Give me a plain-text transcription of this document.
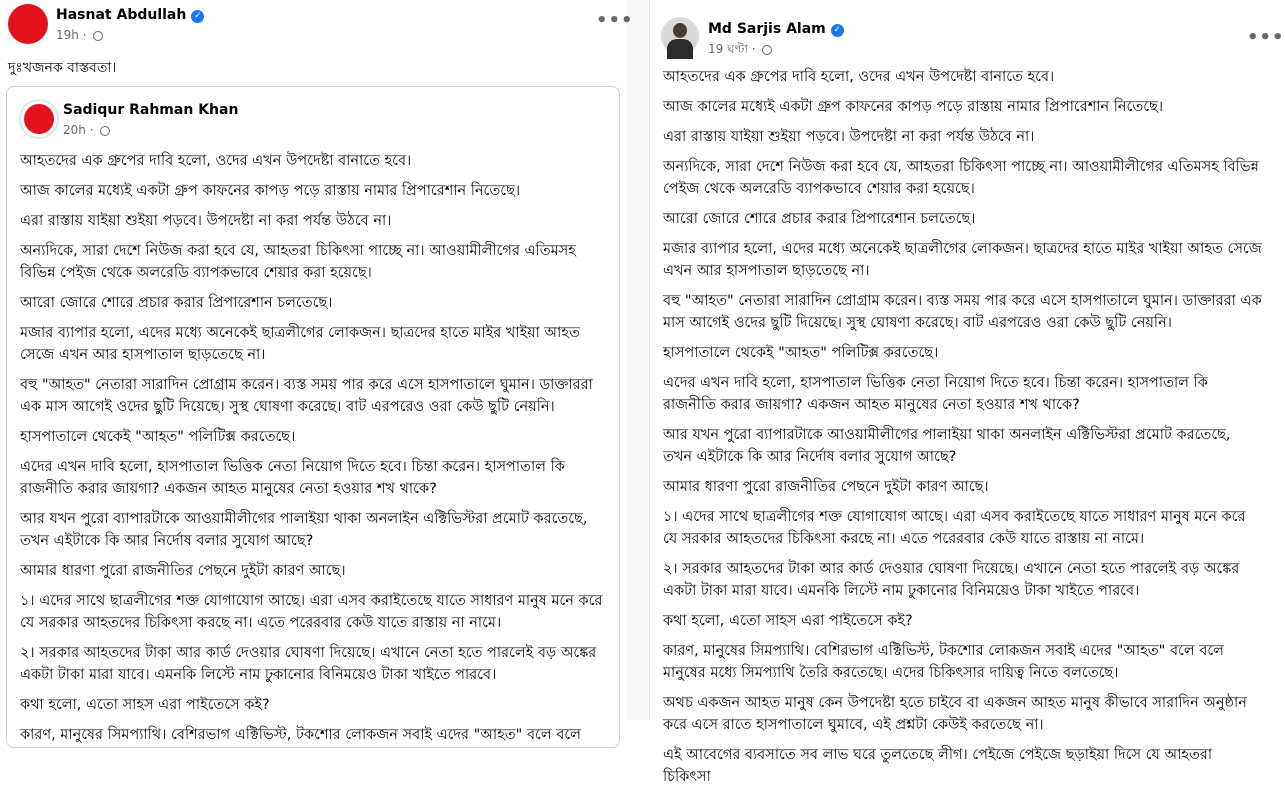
Hasnat Abdullah ✓
19h ·
•••
দুঃখজনক বাস্তবতা।
Sadiqur Rahman Khan
20h ·

আহতদের এক গ্রুপের দাবি হলো, ওদের এখন উপদেষ্টা বানাতে হবে।

আজ কালের মধ্যেই একটা গ্রুপ কাফনের কাপড় পড়ে রাস্তায় নামার প্রিপারেশান নিতেছে।

এরা রাস্তায় যাইয়া শুইয়া পড়বে। উপদেষ্টা না করা পর্যন্ত উঠবে না।

অন্যদিকে, সারা দেশে নিউজ করা হবে যে, আহতরা চিকিৎসা পাচ্ছে না। আওয়ামীলীগের এতিমসহ বিভিন্ন পেইজ থেকে অলরেডি ব্যাপকভাবে শেয়ার করা হয়েছে।

আরো জোরে শোরে প্রচার করার প্রিপারেশান চলতেছে।

মজার ব্যাপার হলো, এদের মধ্যে অনেকেই ছাত্রলীগের লোকজন। ছাত্রদের হাতে মাইর খাইয়া আহত সেজে এখন আর হাসপাতাল ছাড়তেছে না।

বহু "আহত" নেতারা সারাদিন প্রোগ্রাম করেন। ব্যস্ত সময় পার করে এসে হাসপাতালে ঘুমান। ডাক্তাররা এক মাস আগেই ওদের ছুটি দিয়েছে। সুস্থ ঘোষণা করেছে। বাট এরপরেও ওরা কেউ ছুটি নেয়নি।

হাসপাতালে থেকেই "আহত" পলিটিক্স করতেছে।

এদের এখন দাবি হলো, হাসপাতাল ভিত্তিক নেতা নিয়োগ দিতে হবে। চিন্তা করেন। হাসপাতাল কি রাজনীতি করার জায়গা? একজন আহত মানুষের নেতা হওয়ার শখ থাকে?

আর যখন পুরো ব্যাপারটাকে আওয়ামীলীগের পালাইয়া থাকা অনলাইন এক্টিভিস্টরা প্রমোট করতেছে, তখন এইটাকে কি আর নির্দোষ বলার সুযোগ আছে?

আমার ধারণা পুরো রাজনীতির পেছনে দুইটা কারণ আছে।

১। এদের সাথে ছাত্রলীগের শক্ত যোগাযোগ আছে। এরা এসব করাইতেছে যাতে সাধারণ মানুষ মনে করে যে সরকার আহতদের চিকিৎসা করছে না। এতে পরেরবার কেউ যাতে রাস্তায় না নামে।

২। সরকার আহতদের টাকা আর কার্ড দেওয়ার ঘোষণা দিয়েছে। এখানে নেতা হতে পারলেই বড় অঙ্কের একটা টাকা মারা যাবে। এমনকি লিস্টে নাম ঢুকানোর বিনিময়েও টাকা খাইতে পারবে।

কথা হলো, এতো সাহস এরা পাইতেসে কই?

কারণ, মানুষের সিমপ্যাথি। বেশিরভাগ এক্টিভিস্ট, টকশোর লোকজন সবাই এদের "আহত" বলে বলে

Md Sarjis Alam ✓
19 ঘণ্টা ·
•••

আহতদের এক গ্রুপের দাবি হলো, ওদের এখন উপদেষ্টা বানাতে হবে।

আজ কালের মধ্যেই একটা গ্রুপ কাফনের কাপড় পড়ে রাস্তায় নামার প্রিপারেশান নিতেছে।

এরা রাস্তায় যাইয়া শুইয়া পড়বে। উপদেষ্টা না করা পর্যন্ত উঠবে না।

অন্যদিকে, সারা দেশে নিউজ করা হবে যে, আহতরা চিকিৎসা পাচ্ছে না। আওয়ামীলীগের এতিমসহ বিভিন্ন পেইজ থেকে অলরেডি ব্যাপকভাবে শেয়ার করা হয়েছে।

আরো জোরে শোরে প্রচার করার প্রিপারেশান চলতেছে।

মজার ব্যাপার হলো, এদের মধ্যে অনেকেই ছাত্রলীগের লোকজন। ছাত্রদের হাতে মাইর খাইয়া আহত সেজে এখন আর হাসপাতাল ছাড়তেছে না।

বহু "আহত" নেতারা সারাদিন প্রোগ্রাম করেন। ব্যস্ত সময় পার করে এসে হাসপাতালে ঘুমান। ডাক্তাররা এক মাস আগেই ওদের ছুটি দিয়েছে। সুস্থ ঘোষণা করেছে। বাট এরপরেও ওরা কেউ ছুটি নেয়নি।

হাসপাতালে থেকেই "আহত" পলিটিক্স করতেছে।

এদের এখন দাবি হলো, হাসপাতাল ভিত্তিক নেতা নিয়োগ দিতে হবে। চিন্তা করেন। হাসপাতাল কি রাজনীতি করার জায়গা? একজন আহত মানুষের নেতা হওয়ার শখ থাকে?

আর যখন পুরো ব্যাপারটাকে আওয়ামীলীগের পালাইয়া থাকা অনলাইন এক্টিভিস্টরা প্রমোট করতেছে, তখন এইটাকে কি আর নির্দোষ বলার সুযোগ আছে?

আমার ধারণা পুরো রাজনীতির পেছনে দুইটা কারণ আছে।

১। এদের সাথে ছাত্রলীগের শক্ত যোগাযোগ আছে। এরা এসব করাইতেছে যাতে সাধারণ মানুষ মনে করে যে সরকার আহতদের চিকিৎসা করছে না। এতে পরেরবার কেউ যাতে রাস্তায় না নামে।

২। সরকার আহতদের টাকা আর কার্ড দেওয়ার ঘোষণা দিয়েছে। এখানে নেতা হতে পারলেই বড় অঙ্কের একটা টাকা মারা যাবে। এমনকি লিস্টে নাম ঢুকানোর বিনিময়েও টাকা খাইতে পারবে।

কথা হলো, এতো সাহস এরা পাইতেসে কই?

কারণ, মানুষের সিমপ্যাথি। বেশিরভাগ এক্টিভিস্ট, টকশোর লোকজন সবাই এদের "আহত" বলে বলে মানুষের মধ্যে সিমপ্যাথি তৈরি করতেছে। এদের চিকিৎসার দায়িত্ব নিতে বলতেছে।

অথচ একজন আহত মানুষ কেন উপদেষ্টা হতে চাইবে বা একজন আহত মানুষ কীভাবে সারাদিন অনুষ্ঠান করে এসে রাতে হাসপাতালে ঘুমাবে, এই প্রশ্নটা কেউই করতেছে না।

এই আবেগের ব্যবসাতে সব লাভ ঘরে তুলতেছে লীগ। পেইজে পেইজে ছড়াইয়া দিসে যে আহতরা চিকিৎসা
